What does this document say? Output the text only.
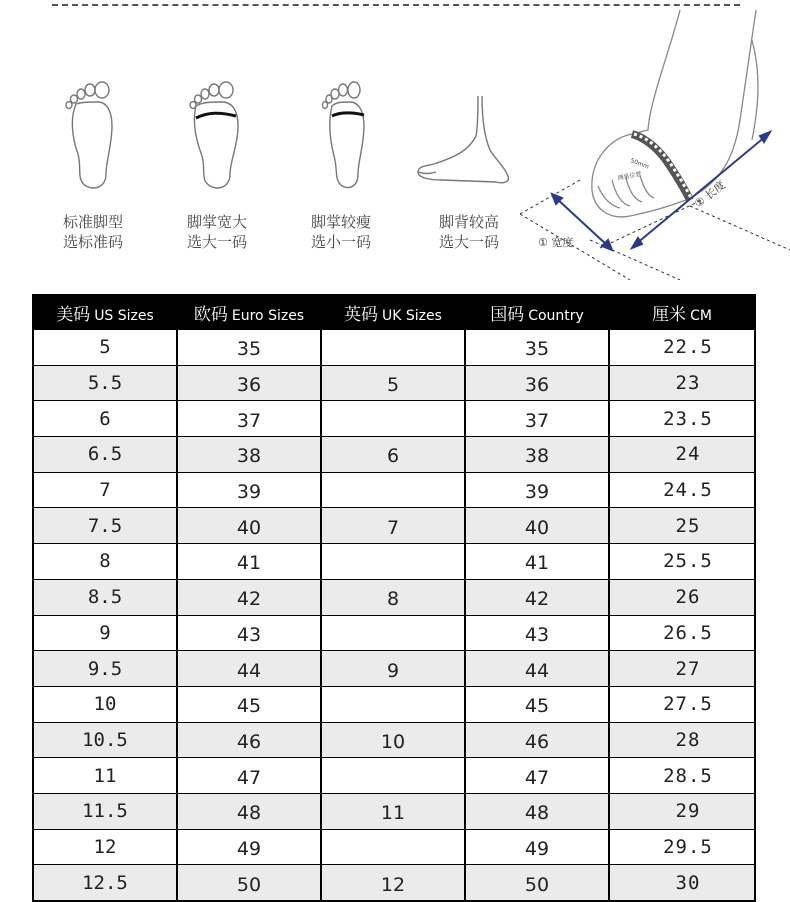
标准脚型
选标准码
脚掌宽大
选大一码
脚掌较瘦
选小一码
脚背较高
选大一码
50mm
测量位置
① 宽度
② 长度
美码 US Sizes	欧码 Euro Sizes	英码 UK Sizes	国码 Country	厘米 CM
5	35		35	22.5
5.5	36	5	36	23
6	37		37	23.5
6.5	38	6	38	24
7	39		39	24.5
7.5	40	7	40	25
8	41		41	25.5
8.5	42	8	42	26
9	43		43	26.5
9.5	44	9	44	27
10	45		45	27.5
10.5	46	10	46	28
11	47		47	28.5
11.5	48	11	48	29
12	49		49	29.5
12.5	50	12	50	30
